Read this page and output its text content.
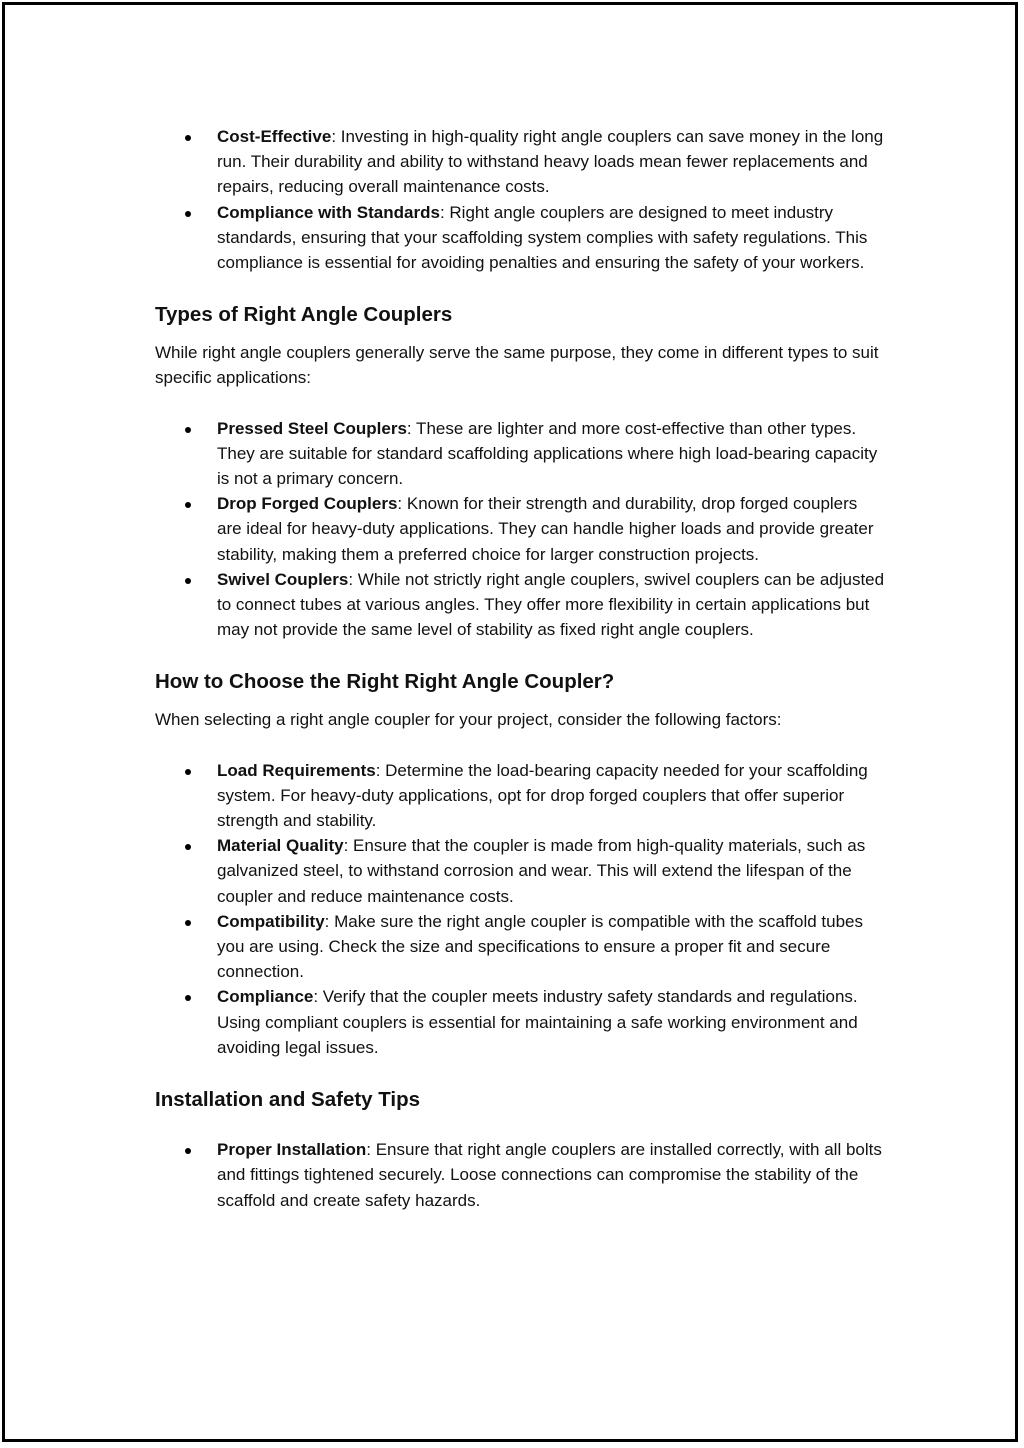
Cost-Effective: Investing in high-quality right angle couplers can save money in the long run. Their durability and ability to withstand heavy loads mean fewer replacements and repairs, reducing overall maintenance costs.
Compliance with Standards: Right angle couplers are designed to meet industry standards, ensuring that your scaffolding system complies with safety regulations. This compliance is essential for avoiding penalties and ensuring the safety of your workers.
Types of Right Angle Couplers

While right angle couplers generally serve the same purpose, they come in different types to suit specific applications:

Pressed Steel Couplers: These are lighter and more cost-effective than other types. They are suitable for standard scaffolding applications where high load-bearing capacity is not a primary concern.
Drop Forged Couplers: Known for their strength and durability, drop forged couplers are ideal for heavy-duty applications. They can handle higher loads and provide greater stability, making them a preferred choice for larger construction projects.
Swivel Couplers: While not strictly right angle couplers, swivel couplers can be adjusted to connect tubes at various angles. They offer more flexibility in certain applications but may not provide the same level of stability as fixed right angle couplers.
How to Choose the Right Right Angle Coupler?

When selecting a right angle coupler for your project, consider the following factors:

Load Requirements: Determine the load-bearing capacity needed for your scaffolding system. For heavy-duty applications, opt for drop forged couplers that offer superior strength and stability.
Material Quality: Ensure that the coupler is made from high-quality materials, such as galvanized steel, to withstand corrosion and wear. This will extend the lifespan of the coupler and reduce maintenance costs.
Compatibility: Make sure the right angle coupler is compatible with the scaffold tubes you are using. Check the size and specifications to ensure a proper fit and secure connection.
Compliance: Verify that the coupler meets industry safety standards and regulations. Using compliant couplers is essential for maintaining a safe working environment and avoiding legal issues.
Installation and Safety Tips
Proper Installation: Ensure that right angle couplers are installed correctly, with all bolts and fittings tightened securely. Loose connections can compromise the stability of the scaffold and create safety hazards.
